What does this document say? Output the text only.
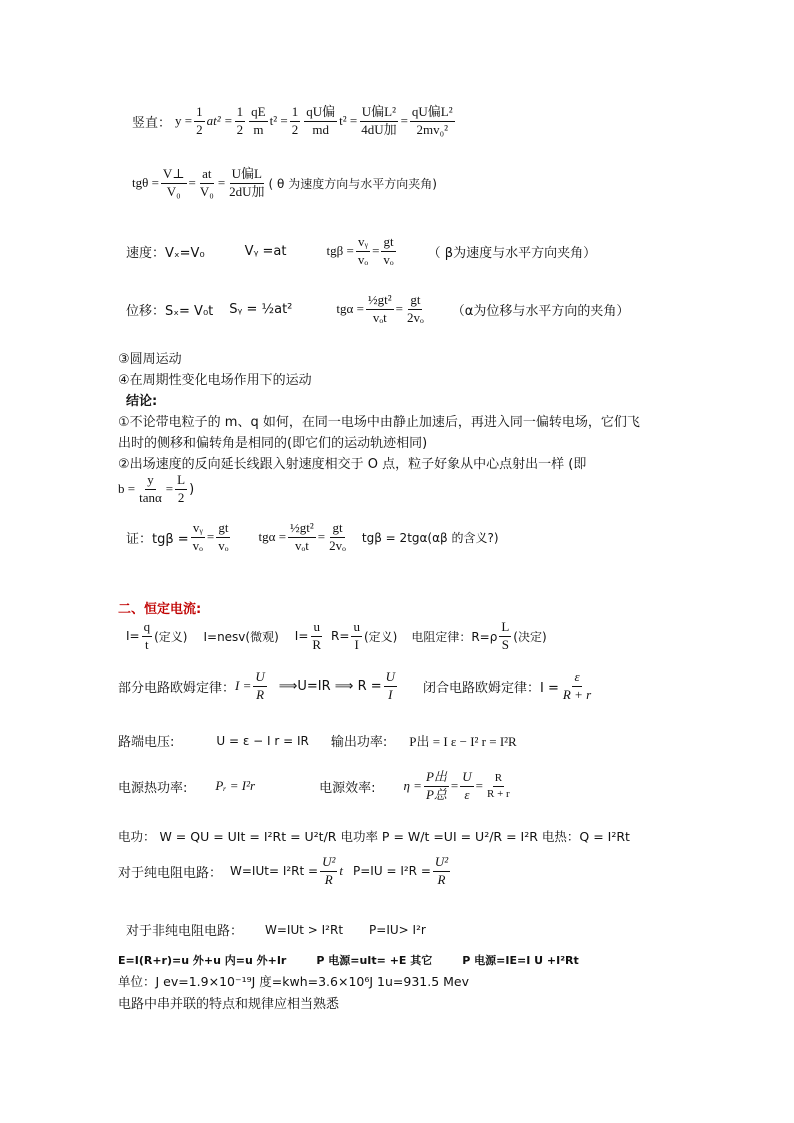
竖直： $y = \frac{1}{2} at^2 = \frac{1}{2} \frac{qE}{m} t^2 = \frac{1}{2} \frac{\text{qU偏}}{md} t^2 = \frac{\text{U偏L²}}{\text{4dU加}} = \frac{\text{qU偏L²}}{\text{2mv₀²}}$
$tg\theta = \frac{V\perp}{\text{V₀}} = \frac{at}{\text{V₀}} = \frac{\text{U偏L}}{\text{2dU加}}$ ( θ 为速度方向与水平方向夹角)
速度：Vₓ=V₀	Vᵧ =at	$tg\beta = \frac{\text{vᵧ}}{\text{vₒ}} = \frac{gt}{\text{vₒ}}$ （ β为速度与水平方向夹角）
位移：Sₓ= V₀t Sᵧ = ½at²	$tg\alpha = \frac{\text{½gt²}}{\text{vₒt}} = \frac{gt}{\text{2vₒ}} (\alpha$为位移与水平方向的夹角）
③圆周运动
④在周期性变化电场作用下的运动
结论:
①不论带电粒子的 m、q 如何，在同一电场中由静止加速后，再进入同一偏转电场，它们飞
出时的侧移和偏转角是相同的(即它们的运动轨迹相同)
②出场速度的反向延长线跟入射速度相交于 O 点，粒子好象从中心点射出一样 (即
$b = \frac{y}{\tan\alpha} = \frac{L}{2}$ )
证：$tg\beta = \frac{\text{vᵧ}}{\text{vₒ}} = \frac{gt}{\text{vₒ}}$ $tg\alpha = \frac{\text{½gt²}}{\text{vₒt}} = \frac{gt}{\text{2vₒ}}$ tgβ = 2tgα(αβ 的含义?)
二、恒定电流:
$I= \frac{q}{t}$ (定义) I=nesv(微观) $I= \frac{u}{R} R= \frac{u}{I}$ (定义) 电阻定律：$R=\rho \frac{L}{S}$ (决定)
部分电路欧姆定律： $I = \frac{U}{R}$ ⟹U=IR ⟹ $R = \frac{U}{I}$ 闭合电路欧姆定律：$I = \frac{\varepsilon}{R + r}$
路端电压:	U = ε − I r = IR 输出功率: P出 = I ε − I² r = I²R
电源热功率: Pᵣ = I²r	电源效率: $\eta = \frac{\text{P出}}{\text{P总}} = \frac{U}{\varepsilon} = \frac{R}{R + r}$
电功： W = QU = UIt = I²Rt = U²t/R 电功率 P = W/t =UI = U²/R = I²R 电热：Q = I²Rt
对于纯电阻电路： $W=IUt= I^2Rt = \frac{\text{U²}}{R}$ t $P=IU = I^2R = \frac{\text{U²}}{R}$
对于非纯电阻电路： W=IUt > I²Rt P=IU> I²r
E=I(R+r)=u 外+u 内=u 外+Ir	P 电源=uIt= +E 其它	P 电源=IE=I U +I²Rt
单位：J ev=1.9×10⁻¹⁹J 度=kwh=3.6×10⁶J 1u=931.5 Mev
电路中串并联的特点和规律应相当熟悉
